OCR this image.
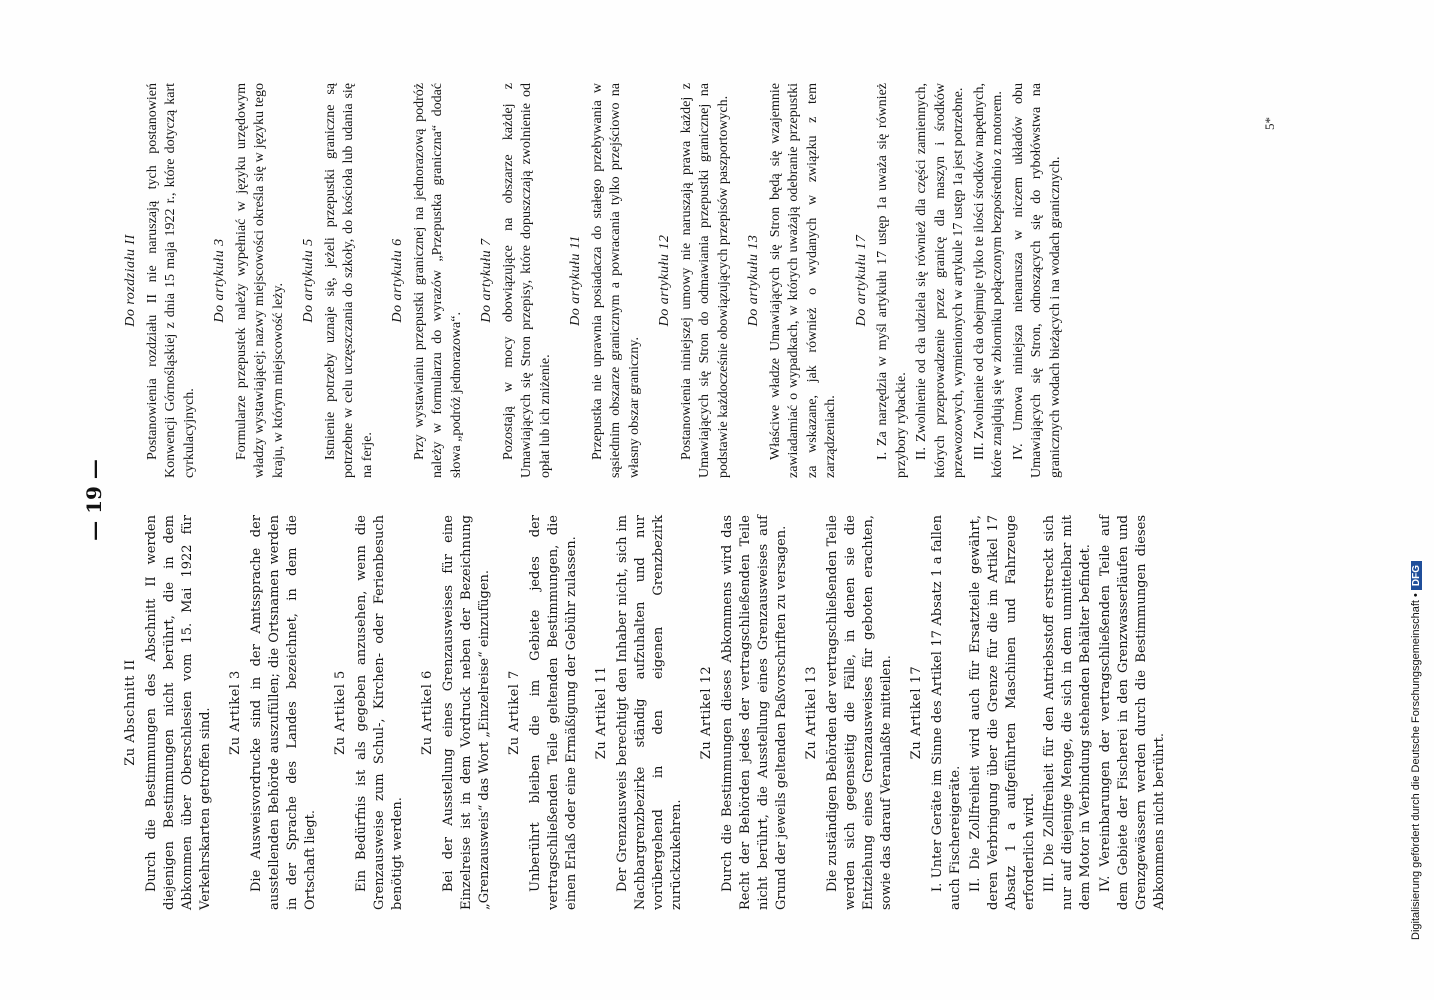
— 19 —
Zu Abschnitt II Durch die Bestimmungen des Abschnitt II werden diejenigen Bestimmungen nicht berührt, die in dem Abkommen über Oberschlesien vom 15. Mai 1922 für Verkehrskarten getroffen sind. Zu Artikel 3 Die Ausweisvordrucke sind in der Amtssprache der ausstellenden Behörde auszufüllen; die Ortsnamen werden in der Sprache des Landes bezeichnet, in dem die Ortschaft liegt.
Zu Artikel 5 Ein Bedürfnis ist als gegeben anzusehen, wenn die Grenzausweise zum Schul-, Kirchen- oder Ferienbesuch benötigt werden.
Zu Artikel 6 Bei der Ausstellung eines Grenzausweises für eine Einzelreise ist in dem Vordruck neben der Bezeichnung „Grenzausweis“ das Wort „Einzelreise“ einzufügen. Zu Artikel 7 Unberührt bleiben die im Gebiete jedes der vertragschließenden Teile geltenden Bestimmungen, die einen Erlaß oder eine Ermäßigung der Gebühr zulassen. Zu Artikel 11 Der Grenzausweis berechtigt den Inhaber nicht, sich im Nachbargrenzbezirke ständig aufzuhalten und nur vorübergehend in den eigenen Grenzbezirk zurückzukehren.
Zu Artikel 12 Durch die Bestimmungen dieses Abkommens wird das Recht der Behörden jedes der vertragschließenden Teile nicht berührt, die Ausstellung eines Grenzausweises auf Grund der jeweils geltenden Paßvorschriften zu versagen. Zu Artikel 13 Die zuständigen Behörden der vertragschließenden Teile werden sich gegenseitig die Fälle, in denen sie die Entziehung eines Grenzausweises für geboten erachten, sowie das darauf Veranlaßte mitteilen. Zu Artikel 17 I. Unter Geräte im Sinne des Artikel 17 Absatz 1 a fallen auch Fischereigeräte. II. Die Zollfreiheit wird auch für Ersatzteile gewährt, deren Verbringung über die Grenze für die im Artikel 17 Absatz 1 a aufgeführten Maschinen und Fahrzeuge erforderlich wird. III. Die Zollfreiheit für den Antriebsstoff erstreckt sich nur auf diejenige Menge, die sich in dem unmittelbar mit dem Motor in Verbindung stehenden Behälter befindet. IV. Vereinbarungen der vertragschließenden Teile auf dem Gebiete der Fischerei in den Grenzwasserläufen und Grenzgewässern werden durch die Bestimmungen dieses Abkommens nicht berührt.
Do rozdziału II Postanowienia rozdziału II nie naruszają tych postanowień Konwencji Górnośląskiej z dnia 15 maja 1922 r., które dotyczą kart cyrkulacyjnych.
Do artykułu 3 Formularze przepustek należy wypełniać w języku urzędowym władzy wystawiającej; nazwy miejscowości określa się w języku tego kraju, w którym miejscowość leży.
Do artykułu 5 Istnienie potrzeby uznaje się, jeżeli przepustki graniczne są potrzebne w celu uczęszczania do szkoły, do kościoła lub udania się na ferje.
Do artykułu 6 Przy wystawianiu przepustki granicznej na jednorazową podróż należy w formularzu do wyrazów „Przepustka graniczna“ dodać słowa „podróż jednorazowa“.
Do artykułu 7 Pozostają w mocy obowiązujące na obszarze każdej z Umawiających się Stron przepisy, które dopuszczają zwolnienie od opłat lub ich zniżenie.
Do artykułu 11 Przepustka nie uprawnia posiadacza do stałego przebywania w sąsiednim obszarze granicznym a powracania tylko przejściowo na własny obszar graniczny.
Do artykułu 12 Postanowienia niniejszej umowy nie naruszają prawa każdej z Umawiających się Stron do odmawiania przepustki granicznej na podstawie każdocześnie obowiązujących przepisów paszportowych. Do artykułu 13 Właściwe władze Umawiających się Stron będą się wzajemnie zawiadamiać o wypadkach, w których uważają odebranie przepustki za wskazane, jak również o wydanych w związku z tem zarządzeniach.
Do artykułu 17 I. Za narzędzia w myśl artykułu 17 ustęp 1a uważa się również przybory rybackie. II. Zwolnienie od cła udziela się również dla części zamiennych, których przeprowadzenie przez granicę dla maszyn i środków przewozowych, wymienionych w artykule 17 ustęp 1a jest potrzebne. III. Zwolnienie od cła obejmuje tylko te ilości środków napędnych, które znajdują się w zbiorniku połączonym bezpośrednio z motorem. IV. Umowa niniejsza nienarusza w niczem układów obu Umawiających się Stron, odnoszących się do rybołówstwa na granicznych wodach bieżących i na wodach granicznych.
5*
Digitalisierung gefördert durch die Deutsche Forschungsgemeinschaft • DFG
